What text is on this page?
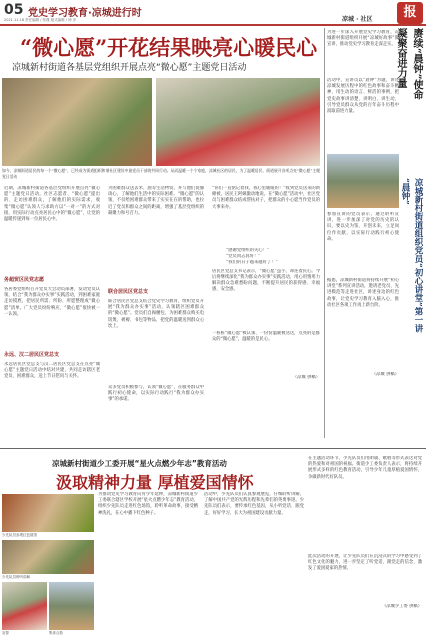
05 党史学习教育·凉城进行时
2021.11.18 责任编辑 / 张瑾 版式编辑 / 徐 彦	凉城 · 社区	报
“微心愿”开花结果映亮心暖民心
凉城新村街道各基层党组织开展点亮“微心愿”主题党日活动
如今，凉城街道居民的每一个“微心愿”，已经成为街道组织和谐社区建设中最党员干部的共同行动。从而温暖一个个家庭，凉城社区的居民，为了温暖居民、街道展开各项点亮“微心愿”主题党日活动
近期，凉城新村街道各基层党组织开展点亮“微心愿”主题党日活动。社区志愿者、“微心愿”提出的、走访困难群众，了解他们的实际需求，收集“微心愿”认领人与求助方以“一对一”的方式对接，用实际行动点亮居民心中的“微心愿”，让党的温暖传递到每一位居民心中。
务超贸区民党志愿
各居委党组织召开党员大会动员部署，发动党员认领，结合“我为群众办实事”实践活动，到困难家庭走访摸底，把居民所需、所盼、所愿整理成“微心愿”清单。广大党员纷纷响应，“微心愿”很快被一一认领。
永远、汉二居民区党总支
永远居民区党总支与汉二居民区党总支在点亮“微心愿”主题党日活动中结对共建，共同走访辖区老党员、困难群众，送上节日慰问与关怀。
为困难群众送去米、油等生活物资，并与他们促膝谈心，了解他们生活中的实际困难。“微心愿”的认领，不仅给困难群众带来了实实在在的帮助，也拉近了党员和群众之间的距离，增强了基层党组织的凝聚力和号召力。
联合居民区党总支
联合居民区党总支结合党史学习教育，组织党员开展“我为群众办实事”活动，认领辖区困难群众的“微心愿”。党员们自掏腰包，为困难群众购买电饭煲、被褥、书包等物品，把党的温暖送到群众心坎上。
众多党员积极参与，认领“微心愿”，在服务群众中践行初心使命，以实际行动践行“我为群众办实事”的承诺。
“你们一直惦记着我，我心里暖暖的！”收到党员送来的新棉被，居民王阿姨激动地说。在“微心愿”活动中，社区党员与困难群众结成帮扶对子，把群众的小心愿当作党员的大事来办。
“感谢党组织的关心！”
“党员同志真好！”
“我们的日子越来越好了！”
居民区党总支书记表示，“微心愿”虽小，却连着民心。今后将继续深化“我为群众办实事”实践活动，用心用情用力解决群众急难愁盼问题，不断提升居民的获得感、幸福感、安全感。
一桩桩“微心愿”被认领、一份份温暖被送达，点亮的是群众的“微心愿”，温暖的是民心。
（凉城 供稿）
为进一步深入开展党史学习教育，凉城新村街道组织开展“凉城好故事”微宣讲，推动党史学习教育走深走实。	赓续“晨钟”使命
凝聚奋进力量
凉城新村街道组织党员“初心讲堂”第一讲
“晨钟”
活动中，宣讲员以“晨钟”为题，讲述凉城发展历程中的红色故事和奋斗精神，用生动的语言、鲜活的事例，把党史故事讲清楚、讲明白、讲生动，引导党员群众从党的百年奋斗历程中汲取前进力量。
参加宣讲的党员表示，通过聆听宣讲，进一步加深了对党的历史的认识，要以史为鉴、开创未来，立足岗位作贡献，以实际行动践行初心使命。
据悉，凉城新村街道将持续开展“初心讲堂”系列宣讲活动，邀请老党员、先进模范等走进社区，讲述身边的红色故事，让党史学习教育入脑入心，推动社区各项工作再上新台阶。
（凉城 供稿）
凉城新村街道少工委开展“星火点燃少年志”教育活动
汲取精神力量 厚植爱国情怀
少先队员参观红色展馆
少先队员聆听讲解
宣誓	集体合影
为推动党史学习教育向青少年延伸，凉城新村街道少工委联合辖区学校开展“星火点燃少年志”教育活动，组织少先队员走进红色场馆，聆听革命故事，接受精神洗礼，在心中播下红色种子。
活动中，少先队员们认真参观展览，仔细聆听讲解，了解中国共产党的光辉历程和先辈们的英勇事迹。少先队员们表示，要传承红色基因，从小听党话、跟党走，好好学习，长大为祖国建设贡献力量。
在主题活动环节，少先队员们用朗诵、歌唱等形式表达对党的热爱和对祖国的祝福。街道少工委负责人表示，将持续开展形式多样的红色教育活动，引导少年儿童厚植爱国情怀，争做新时代好队员。
此次活动的开展，让少先队员们在沉浸式的学习中感受到了红色文化的魅力，进一步坚定了听党话、跟党走的信念，激发了爱国爱家的热情。
（凉城少工委 供稿）
